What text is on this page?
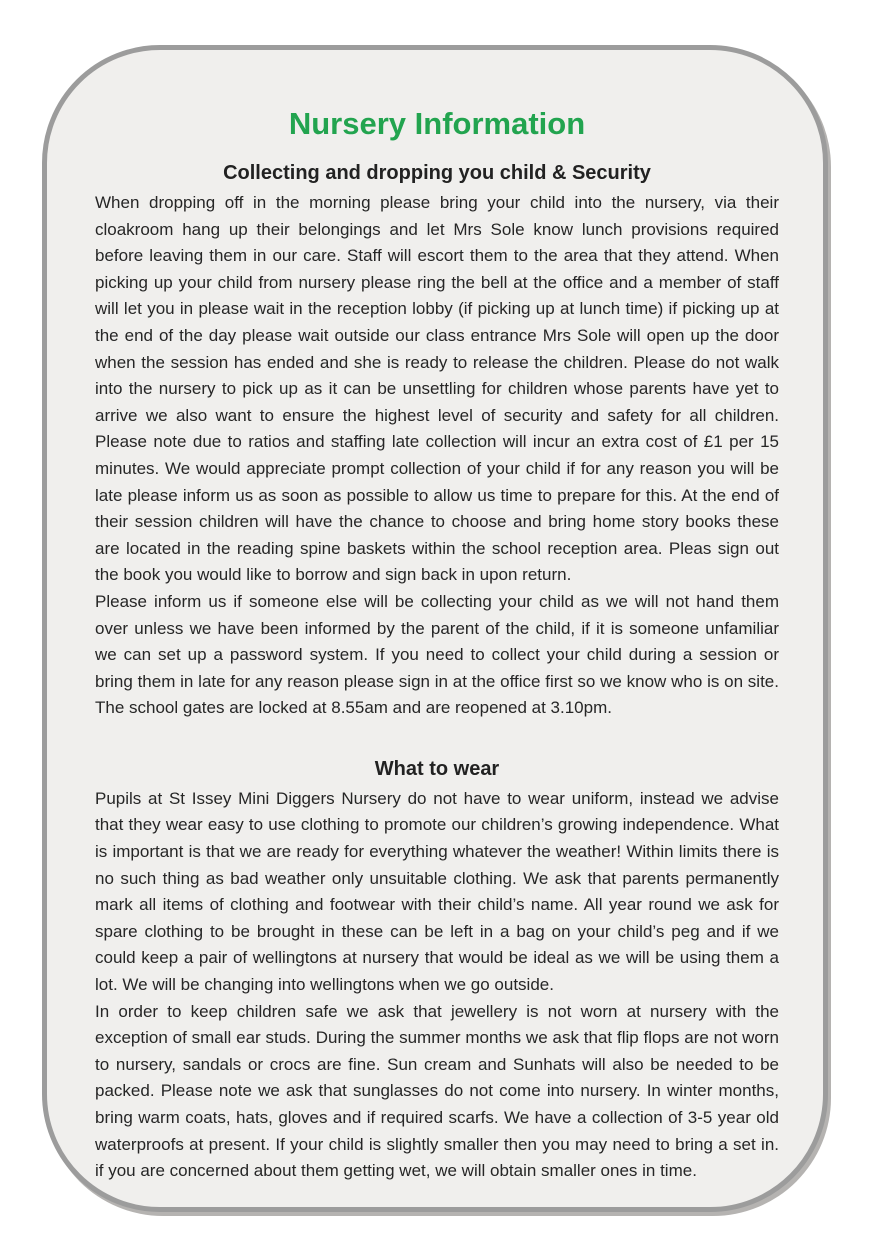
Nursery Information
Collecting and dropping you child & Security

When dropping off in the morning please bring your child into the nursery, via their cloakroom hang up their belongings and let Mrs Sole know lunch provisions required before leaving them in our care. Staff will escort them to the area that they attend. When picking up your child from nursery please ring the bell at the office and a member of staff will let you in please wait in the reception lobby (if picking up at lunch time) if picking up at the end of the day please wait outside our class entrance Mrs Sole will open up the door when the session has ended and she is ready to release the children. Please do not walk into the nursery to pick up as it can be unsettling for children whose parents have yet to arrive we also want to ensure the highest level of security and safety for all children. Please note due to ratios and staffing late collection will incur an extra cost of £1 per 15 minutes. We would appreciate prompt collection of your child if for any reason you will be late please inform us as soon as possible to allow us time to prepare for this. At the end of their session children will have the chance to choose and bring home story books these are located in the reading spine baskets within the school reception area. Pleas sign out the book you would like to borrow and sign back in upon return.

Please inform us if someone else will be collecting your child as we will not hand them over unless we have been informed by the parent of the child, if it is someone unfamiliar we can set up a password system. If you need to collect your child during a session or bring them in late for any reason please sign in at the office first so we know who is on site. The school gates are locked at 8.55am and are reopened at 3.10pm.

What to wear

Pupils at St Issey Mini Diggers Nursery do not have to wear uniform, instead we advise that they wear easy to use clothing to promote our children’s growing independence. What is important is that we are ready for everything whatever the weather! Within limits there is no such thing as bad weather only unsuitable clothing. We ask that parents permanently mark all items of clothing and footwear with their child’s name. All year round we ask for spare clothing to be brought in these can be left in a bag on your child’s peg and if we could keep a pair of wellingtons at nursery that would be ideal as we will be using them a lot. We will be changing into wellingtons when we go outside.

In order to keep children safe we ask that jewellery is not worn at nursery with the exception of small ear studs. During the summer months we ask that flip flops are not worn to nursery, sandals or crocs are fine. Sun cream and Sunhats will also be needed to be packed. Please note we ask that sunglasses do not come into nursery. In winter months, bring warm coats, hats, gloves and if required scarfs. We have a collection of 3-5 year old waterproofs at present. If your child is slightly smaller then you may need to bring a set in. if you are concerned about them getting wet, we will obtain smaller ones in time.
